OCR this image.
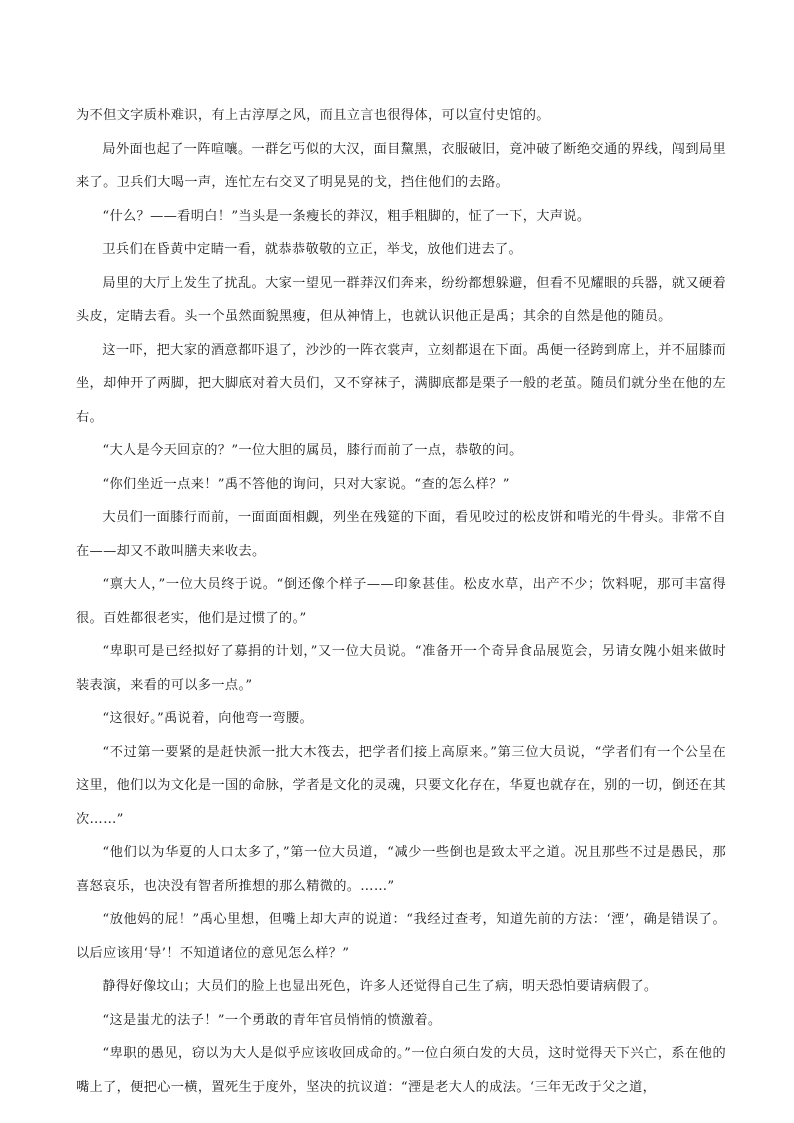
为不但文字质朴难识，有上古淳厚之风，而且立言也很得体，可以宣付史馆的。

局外面也起了一阵喧嚷。一群乞丐似的大汉，面目黧黑，衣服破旧，竟冲破了断绝交通的界线，闯到局里来了。卫兵们大喝一声，连忙左右交叉了明晃晃的戈，挡住他们的去路。

“什么？——看明白！”当头是一条瘦长的莽汉，粗手粗脚的，怔了一下，大声说。

卫兵们在昏黄中定睛一看，就恭恭敬敬的立正，举戈，放他们进去了。

局里的大厅上发生了扰乱。大家一望见一群莽汉们奔来，纷纷都想躲避，但看不见耀眼的兵器，就又硬着头皮，定睛去看。头一个虽然面貌黑瘦，但从神情上，也就认识他正是禹；其余的自然是他的随员。

这一吓，把大家的酒意都吓退了，沙沙的一阵衣裳声，立刻都退在下面。禹便一径跨到席上，并不屈膝而坐，却伸开了两脚，把大脚底对着大员们，又不穿袜子，满脚底都是栗子一般的老茧。随员们就分坐在他的左右。

“大人是今天回京的？”一位大胆的属员，膝行而前了一点，恭敬的问。

“你们坐近一点来！”禹不答他的询问，只对大家说。“查的怎么样？”

大员们一面膝行而前，一面面面相觑，列坐在残筵的下面，看见咬过的松皮饼和啃光的牛骨头。非常不自在——却又不敢叫膳夫来收去。

“禀大人，”一位大员终于说。“倒还像个样子——印象甚佳。松皮水草，出产不少；饮料呢，那可丰富得很。百姓都很老实，他们是过惯了的。”

“卑职可是已经拟好了募捐的计划，”又一位大员说。“准备开一个奇异食品展览会，另请女隗小姐来做时装表演，来看的可以多一点。”

“这很好。”禹说着，向他弯一弯腰。

“不过第一要紧的是赶快派一批大木筏去，把学者们接上高原来。”第三位大员说，“学者们有一个公呈在这里，他们以为文化是一国的命脉，学者是文化的灵魂，只要文化存在，华夏也就存在，别的一切，倒还在其次……”

“他们以为华夏的人口太多了，”第一位大员道，“减少一些倒也是致太平之道。况且那些不过是愚民，那喜怒哀乐，也决没有智者所推想的那么精微的。……”

“放他妈的屁！”禹心里想，但嘴上却大声的说道：“我经过查考，知道先前的方法：‘湮’，确是错误了。以后应该用‘导’！不知道诸位的意见怎么样？”

静得好像坟山；大员们的脸上也显出死色，许多人还觉得自己生了病，明天恐怕要请病假了。

“这是蚩尤的法子！”一个勇敢的青年官员悄悄的愤激着。

“卑职的愚见，窃以为大人是似乎应该收回成命的。”一位白须白发的大员，这时觉得天下兴亡，系在他的嘴上了，便把心一横，置死生于度外，坚决的抗议道：“湮是老大人的成法。‘三年无改于父之道，
